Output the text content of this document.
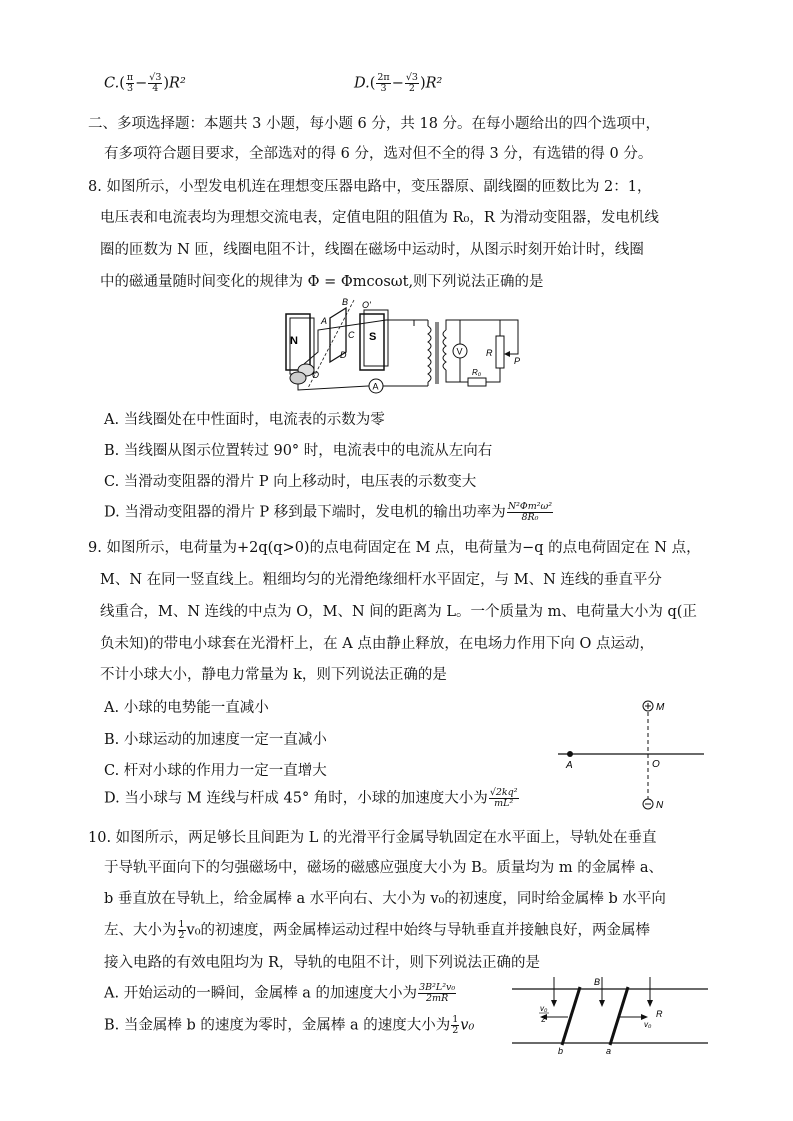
$C.( \frac{\pi}{3} - \frac{√3}{4} )R^2$	$D.( \frac{2\pi}{3} - \frac{√3}{2} )R^2$
二、多项选择题：本题共 3 小题，每小题 6 分，共 18 分。在每小题给出的四个选项中，
有多项符合题目要求，全部选对的得 6 分，选对但不全的得 3 分，有选错的得 0 分。
8. 如图所示，小型发电机连在理想变压器电路中，变压器原、副线圈的匝数比为 2：1，
电压表和电流表均为理想交流电表，定值电阻的阻值为 R₀，R 为滑动变阻器，发电机线
圈的匝数为 N 匝，线圈电阻不计，线圈在磁场中运动时，从图示时刻开始计时，线圈
中的磁通量随时间变化的规律为 Φ = Φmcosωt,则下列说法正确的是
N	S
A
B
C
D
O'
O
A
R₀
V	R
P
A. 当线圈处在中性面时，电流表的示数为零
B. 当线圈从图示位置转过 90° 时，电流表中的电流从左向右
C. 当滑动变阻器的滑片 P 向上移动时，电压表的示数变大
D. 当滑动变阻器的滑片 P 移到最下端时，发电机的输出功率为 $\frac{\text{N²Φm²ω²}}{\text{8R₀}}$
9. 如图所示，电荷量为+2q(q>0)的点电荷固定在 M 点，电荷量为−q 的点电荷固定在 N 点，
M、N 在同一竖直线上。粗细均匀的光滑绝缘细杆水平固定，与 M、N 连线的垂直平分
线重合，M、N 连线的中点为 O，M、N 间的距离为 L。一个质量为 m、电荷量大小为 q(正
负未知)的带电小球套在光滑杆上，在 A 点由静止释放，在电场力作用下向 O 点运动，
不计小球大小，静电力常量为 k，则下列说法正确的是
A. 小球的电势能一直减小
B. 小球运动的加速度一定一直减小
C. 杆对小球的作用力一定一直增大
D. 当小球与 M 连线与杆成 45° 角时，小球的加速度大小为 $\frac{\text{√2kq²}}{\text{mL²}}$
M
A	O
N
10. 如图所示，两足够长且间距为 L 的光滑平行金属导轨固定在水平面上，导轨处在垂直
于导轨平面向下的匀强磁场中，磁场的磁感应强度大小为 B。质量均为 m 的金属棒 a、
b 垂直放在导轨上，给金属棒 a 水平向右、大小为 v₀的初速度，同时给金属棒 b 水平向
左、大小为 $\frac{1}{2} v_0$的初速度，两金属棒运动过程中始终与导轨垂直并接触良好，两金属棒
接入电路的有效电阻均为 R，导轨的电阻不计，则下列说法正确的是
A. 开始运动的一瞬间，金属棒 a 的加速度大小为 $\frac{\text{3B²L²v₀}}{2mR}$
B. 当金属棒 b 的速度为零时，金属棒 a 的速度大小为 $\frac{1}{2} v_0$
B
R
b
v₀
2
a
v₀
